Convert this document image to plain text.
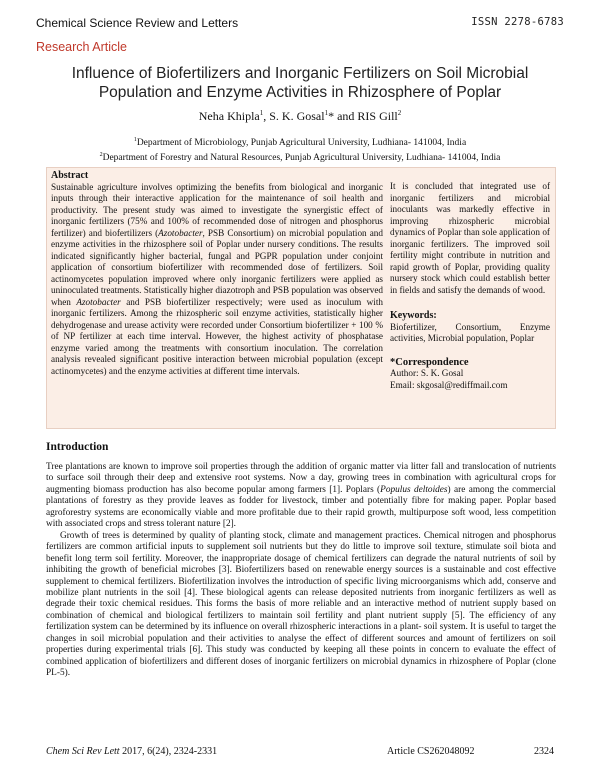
Chemical Science Review and Letters	ISSN 2278-6783
Research Article
Influence of Biofertilizers and Inorganic Fertilizers on Soil Microbial
Population and Enzyme Activities in Rhizosphere of Poplar
Neha Khipla$^1$, S. K. Gosal$^1$* and RIS Gill$^2$
$^1$Department of Microbiology, Punjab Agricultural University, Ludhiana- 141004, India
$^2$Department of Forestry and Natural Resources, Punjab Agricultural University, Ludhiana- 141004, India
Abstract
Sustainable agriculture involves optimizing the benefits from biological and inorganic inputs through their interactive application for the maintenance of soil health and productivity. The present study was aimed to investigate the synergistic effect of inorganic fertilizers (75% and 100% of recommended dose of nitrogen and phosphorus fertilizer) and biofertilizers (Azotobacter, PSB Consortium) on microbial population and enzyme activities in the rhizosphere soil of Poplar under nursery conditions. The results indicated significantly higher bacterial, fungal and PGPR population under conjoint application of consortium biofertilizer with recommended dose of fertilizers. Soil actinomycetes population improved where only inorganic fertilizers were applied as uninoculated treatments. Statistically higher diazotroph and PSB population was observed when Azotobacter and PSB biofertilizer respectively; were used as inoculum with inorganic fertilizers. Among the rhizospheric soil enzyme activities, statistically higher dehydrogenase and urease activity were recorded under Consortium biofertilizer + 100 % of NP fertilizer at each time interval. However, the highest activity of phosphatase enzyme varied among the treatments with consortium inoculation. The correlation analysis revealed significant positive interaction between microbial population (except actinomycetes) and the enzyme activities at different time intervals.
It is concluded that integrated use of inorganic fertilizers and microbial inoculants was markedly effective in improving rhizospheric microbial dynamics of Poplar than sole application of inorganic fertilizers. The improved soil fertility might contribute in nutrition and rapid growth of Poplar, providing quality nursery stock which could establish better in fields and satisfy the demands of wood.
Keywords:
Biofertilizer, Consortium, Enzyme activities, Microbial population, Poplar
*Correspondence
Author: S. K. Gosal
Email: skgosal@rediffmail.com
Introduction

Tree plantations are known to improve soil properties through the addition of organic matter via litter fall and translocation of nutrients to surface soil through their deep and extensive root systems. Now a day, growing trees in combination with agricultural crops for augmenting biomass production has also become popular among farmers [1]. Poplars (Populus deltoides) are among the commercial plantations of forestry as they provide leaves as fodder for livestock, timber and potentially fibre for making paper. Poplar based agroforestry systems are economically viable and more profitable due to their rapid growth, multipurpose soft wood, less competition with associated crops and stress tolerant nature [2].

Growth of trees is determined by quality of planting stock, climate and management practices. Chemical nitrogen and phosphorus fertilizers are common artificial inputs to supplement soil nutrients but they do little to improve soil texture, stimulate soil biota and benefit long term soil fertility. Moreover, the inappropriate dosage of chemical fertilizers can degrade the natural nutrients of soil by inhibiting the growth of beneficial microbes [3]. Biofertilizers based on renewable energy sources is a sustainable and cost effective supplement to chemical fertilizers. Biofertilization involves the introduction of specific living microorganisms which add, conserve and mobilize plant nutrients in the soil [4]. These biological agents can release deposited nutrients from inorganic fertilizers as well as degrade their toxic chemical residues. This forms the basis of more reliable and an interactive method of nutrient supply based on combination of chemical and biological fertilizers to maintain soil fertility and plant nutrient supply [5]. The efficiency of any fertilization system can be determined by its influence on overall rhizospheric interactions in a plant- soil system. It is useful to target the changes in soil microbial population and their activities to analyse the effect of different sources and amount of fertilizers on soil properties during experimental trials [6]. This study was conducted by keeping all these points in concern to evaluate the effect of combined application of biofertilizers and different doses of inorganic fertilizers on microbial dynamics in rhizosphere of Poplar (clone PL-5).

Chem Sci Rev Lett 2017, 6(24), 2324-2331	Article CS262048092	2324
